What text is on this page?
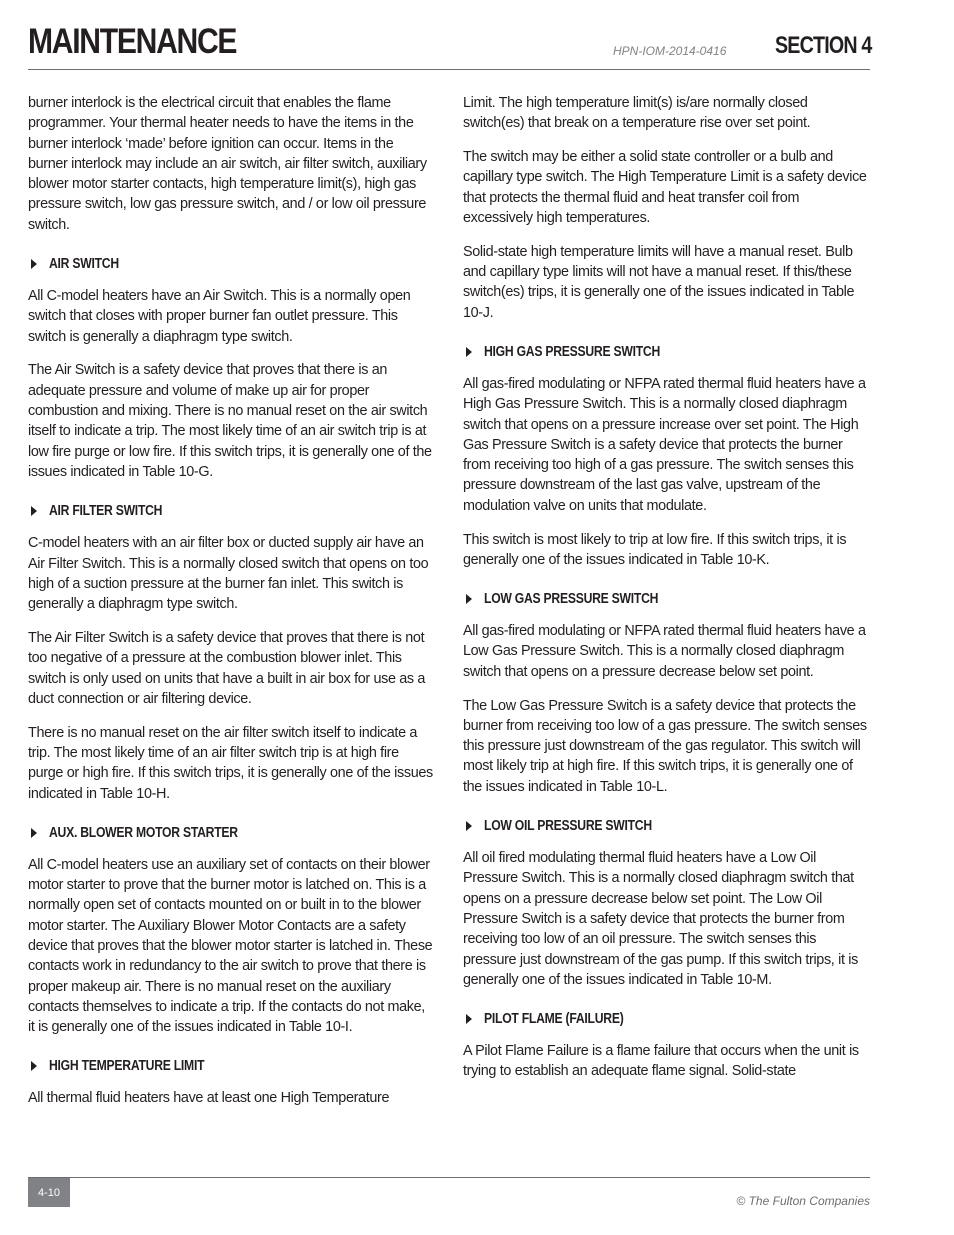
MAINTENANCE	HPN-IOM-2014-0416 SECTION 4

burner interlock is the electrical circuit that enables the flame programmer. Your thermal heater needs to have the items in the burner interlock ‘made’ before ignition can occur. Items in the burner interlock may include an air switch, air filter switch, auxiliary blower motor starter contacts, high temperature limit(s), high gas pressure switch, low gas pressure switch, and / or low oil pressure switch.

AIR SWITCH

All C-model heaters have an Air Switch. This is a normally open switch that closes with proper burner fan outlet pressure. This switch is generally a diaphragm type switch.

The Air Switch is a safety device that proves that there is an adequate pressure and volume of make up air for proper combustion and mixing. There is no manual reset on the air switch itself to indicate a trip. The most likely time of an air switch trip is at low fire purge or low fire. If this switch trips, it is generally one of the issues indicated in Table 10-G.

AIR FILTER SWITCH

C-model heaters with an air filter box or ducted supply air have an Air Filter Switch. This is a normally closed switch that opens on too high of a suction pressure at the burner fan inlet. This switch is generally a diaphragm type switch.

The Air Filter Switch is a safety device that proves that there is not too negative of a pressure at the combustion blower inlet. This switch is only used on units that have a built in air box for use as a duct connection or air filtering device.

There is no manual reset on the air filter switch itself to indicate a trip. The most likely time of an air filter switch trip is at high fire purge or high fire. If this switch trips, it is generally one of the issues indicated in Table 10-H.

AUX. BLOWER MOTOR STARTER

All C-model heaters use an auxiliary set of contacts on their blower motor starter to prove that the burner motor is latched on. This is a normally open set of contacts mounted on or built in to the blower motor starter. The Auxiliary Blower Motor Contacts are a safety device that proves that the blower motor starter is latched in. These contacts work in redundancy to the air switch to prove that there is proper makeup air. There is no manual reset on the auxiliary contacts themselves to indicate a trip. If the contacts do not make, it is generally one of the issues indicated in Table 10-I.

HIGH TEMPERATURE LIMIT

All thermal fluid heaters have at least one High Temperature

Limit. The high temperature limit(s) is/are normally closed switch(es) that break on a temperature rise over set point.

The switch may be either a solid state controller or a bulb and capillary type switch. The High Temperature Limit is a safety device that protects the thermal fluid and heat transfer coil from excessively high temperatures.

Solid-state high temperature limits will have a manual reset. Bulb and capillary type limits will not have a manual reset. If this/these switch(es) trips, it is generally one of the issues indicated in Table 10-J.

HIGH GAS PRESSURE SWITCH

All gas-fired modulating or NFPA rated thermal fluid heaters have a High Gas Pressure Switch. This is a normally closed diaphragm switch that opens on a pressure increase over set point. The High Gas Pressure Switch is a safety device that protects the burner from receiving too high of a gas pressure. The switch senses this pressure downstream of the last gas valve, upstream of the modulation valve on units that modulate.

This switch is most likely to trip at low fire. If this switch trips, it is generally one of the issues indicated in Table 10-K.

LOW GAS PRESSURE SWITCH

All gas-fired modulating or NFPA rated thermal fluid heaters have a Low Gas Pressure Switch. This is a normally closed diaphragm switch that opens on a pressure decrease below set point.

The Low Gas Pressure Switch is a safety device that protects the burner from receiving too low of a gas pressure. The switch senses this pressure just downstream of the gas regulator. This switch will most likely trip at high fire. If this switch trips, it is generally one of the issues indicated in Table 10-L.

LOW OIL PRESSURE SWITCH

All oil fired modulating thermal fluid heaters have a Low Oil Pressure Switch. This is a normally closed diaphragm switch that opens on a pressure decrease below set point. The Low Oil Pressure Switch is a safety device that protects the burner from receiving too low of an oil pressure. The switch senses this pressure just downstream of the gas pump. If this switch trips, it is generally one of the issues indicated in Table 10-M.

PILOT FLAME (FAILURE)

A Pilot Flame Failure is a flame failure that occurs when the unit is trying to establish an adequate flame signal. Solid-state

4-10
© The Fulton Companies
